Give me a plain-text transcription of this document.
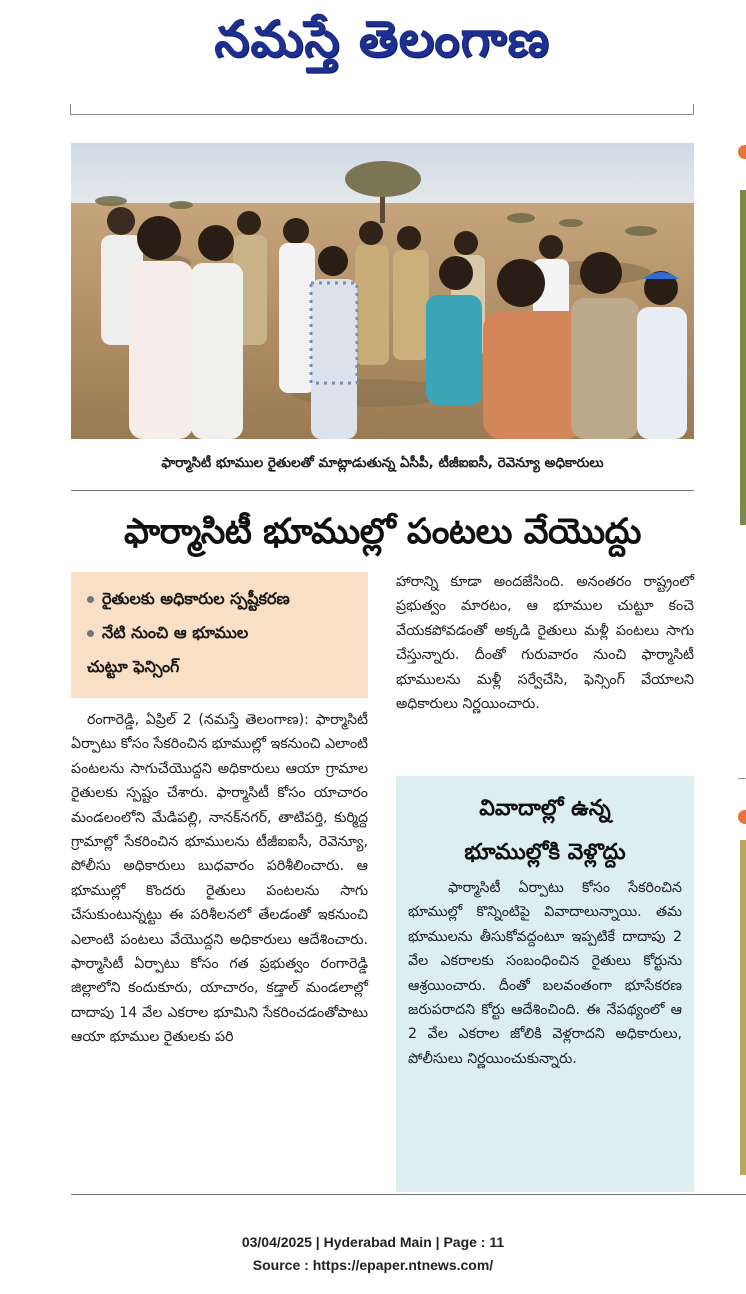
నమస్తే తెలంగాణ
ఫార్మాసిటీ భూముల రైతులతో మాట్లాడుతున్న ఏసీపీ, టీజీఐఐసీ, రెవెన్యూ అధికారులు
ఫార్మాసిటీ భూముల్లో పంటలు వేయొద్దు
రైతులకు అధికారుల స్పష్టీకరణ
నేటి నుంచి ఆ భూముల
చుట్టూ ఫెన్సింగ్

రంగారెడ్డి, ఏప్రిల్ 2 (నమస్తే తెలంగాణ): ఫార్మాసిటీ ఏర్పాటు కోసం సేకరించిన భూముల్లో ఇకనుంచి ఎలాంటి పంటలను సాగుచేయొద్దని అధికారులు ఆయా గ్రామాల రైతులకు స్పష్టం చేశారు. ఫార్మాసిటీ కోసం యాచారం మండలంలోని మేడిపల్లి, నానక్‌నగర్, తాటిపర్తి, కుర్మిద్ద గ్రామాల్లో సేకరించిన భూములను టీజీఐఐసీ, రెవెన్యూ, పోలీసు అధికారులు బుధవారం పరిశీలించారు. ఆ భూముల్లో కొందరు రైతులు పంటలను సాగు చేసుకుంటున్నట్టు ఈ పరిశీలనలో తేలడంతో ఇకనుంచి ఎలాంటి పంటలు వేయొద్దని అధికారులు ఆదేశించారు. ఫార్మాసిటీ ఏర్పాటు కోసం గత ప్రభుత్వం రంగారెడ్డి జిల్లాలోని కందుకూరు, యాచారం, కడ్తాల్ మండలాల్లో దాదాపు 14 వేల ఎకరాల భూమిని సేకరించడంతోపాటు ఆయా భూముల రైతులకు పరి

హారాన్ని కూడా అందజేసింది. అనంతరం రాష్ట్రంలో ప్రభుత్వం మారటం, ఆ భూముల చుట్టూ కంచె వేయకపోవడంతో అక్కడి రైతులు మళ్లీ పంటలు సాగు చేస్తున్నారు. దీంతో గురువారం నుంచి ఫార్మాసిటీ భూములను మళ్లీ సర్వేచేసి, ఫెన్సింగ్ వేయాలని అధికారులు నిర్ణయించారు.

వివాదాల్లో ఉన్న
భూముల్లోకి వెళ్లొద్దు
ఫార్మాసిటీ ఏర్పాటు కోసం సేకరించిన భూముల్లో కొన్నింటిపై వివాదాలున్నాయి. తమ భూములను తీసుకోవద్దంటూ ఇప్పటికే దాదాపు 2 వేల ఎకరాలకు సంబంధించిన రైతులు కోర్టును ఆశ్రయించారు. దీంతో బలవంతంగా భూసేకరణ జరుపరాదని కోర్టు ఆదేశించింది. ఈ నేపథ్యంలో ఆ 2 వేల ఎకరాల జోలికి వెళ్లరాదని అధికారులు, పోలీసులు నిర్ణయించుకున్నారు.
03/04/2025 | Hyderabad Main | Page : 11
Source : https://epaper.ntnews.com/
